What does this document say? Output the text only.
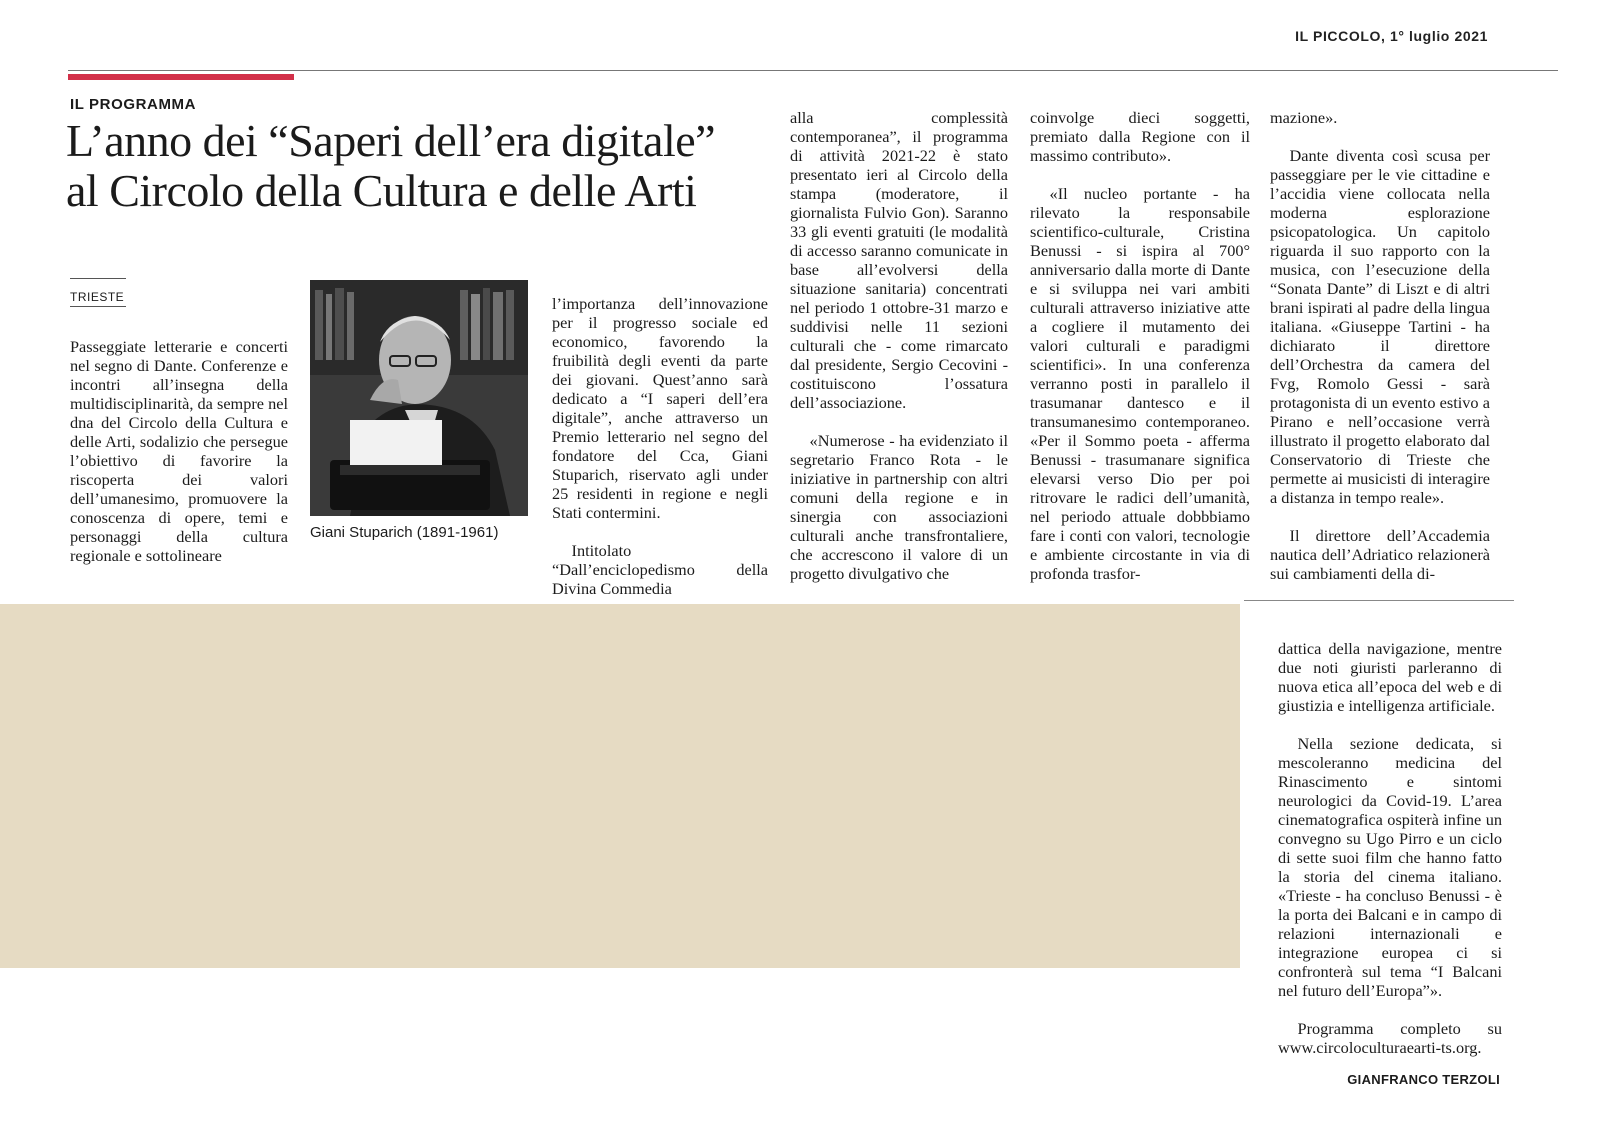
IL PICCOLO, 1° luglio 2021
IL PROGRAMMA
L’anno dei “Saperi dell’era digitale”
al Circolo della Cultura e delle Arti
TRIESTE
Giani Stuparich (1891-1961)

Passeggiate letterarie e concerti nel segno di Dante. Conferenze e incontri all’insegna della multidisciplinarità, da sempre nel dna del Circolo della Cultura e delle Arti, sodalizio che persegue l’obiettivo di favorire la riscoperta dei valori dell’umanesimo, promuovere la conoscenza di opere, temi e personaggi della cultura regionale e sottolineare

l’importanza dell’innovazione per il progresso sociale ed economico, favorendo la fruibilità degli eventi da parte dei giovani. Quest’anno sarà dedicato a “I saperi dell’era digitale”, anche attraverso un Premio letterario nel segno del fondatore del Cca, Giani Stuparich, riservato agli under 25 residenti in regione e negli Stati contermini.

Intitolato “Dall’enciclopedismo della Divina Commedia

alla complessità contemporanea”, il programma di attività 2021-22 è stato presentato ieri al Circolo della stampa (moderatore, il giornalista Fulvio Gon). Saranno 33 gli eventi gratuiti (le modalità di accesso saranno comunicate in base all’evolversi della situazione sanitaria) concentrati nel periodo 1 ottobre-31 marzo e suddivisi nelle 11 sezioni culturali che - come rimarcato dal presidente, Sergio Cecovini - costituiscono l’ossatura dell’associazione.

«Numerose - ha evidenziato il segretario Franco Rota - le iniziative in partnership con altri comuni della regione e in sinergia con associazioni culturali anche transfrontaliere, che accrescono il valore di un progetto divulgativo che

coinvolge dieci soggetti, premiato dalla Regione con il massimo contributo».

«Il nucleo portante - ha rilevato la responsabile scientifico-culturale, Cristina Benussi - si ispira al 700° anniversario dalla morte di Dante e si sviluppa nei vari ambiti culturali attraverso iniziative atte a cogliere il mutamento dei valori culturali e paradigmi scientifici». In una conferenza verranno posti in parallelo il trasumanar dantesco e il transumanesimo contemporaneo. «Per il Sommo poeta - afferma Benussi - trasumanare significa elevarsi verso Dio per poi ritrovare le radici dell’umanità, nel periodo attuale dobbbiamo fare i conti con valori, tecnologie e ambiente circostante in via di profonda trasfor-

mazione».

Dante diventa così scusa per passeggiare per le vie cittadine e l’accidia viene collocata nella moderna esplorazione psicopatologica. Un capitolo riguarda il suo rapporto con la musica, con l’esecuzione della “Sonata Dante” di Liszt e di altri brani ispirati al padre della lingua italiana. «Giuseppe Tartini - ha dichiarato il direttore dell’Orchestra da camera del Fvg, Romolo Gessi - sarà protagonista di un evento estivo a Pirano e nell’occasione verrà illustrato il progetto elaborato dal Conservatorio di Trieste che permette ai musicisti di interagire a distanza in tempo reale».

Il direttore dell’Accademia nautica dell’Adriatico relazionerà sui cambiamenti della di-

dattica della navigazione, mentre due noti giuristi parleranno di nuova etica all’epoca del web e di giustizia e intelligenza artificiale.

Nella sezione dedicata, si mescoleranno medicina del Rinascimento e sintomi neurologici da Covid-19. L’area cinematografica ospiterà infine un convegno su Ugo Pirro e un ciclo di sette suoi film che hanno fatto la storia del cinema italiano. «Trieste - ha concluso Benussi - è la porta dei Balcani e in campo di relazioni internazionali e integrazione europea ci si confronterà sul tema “I Balcani nel futuro dell’Europa”».

Programma completo su www.circoloculturaearti-ts.org.

GIANFRANCO TERZOLI
